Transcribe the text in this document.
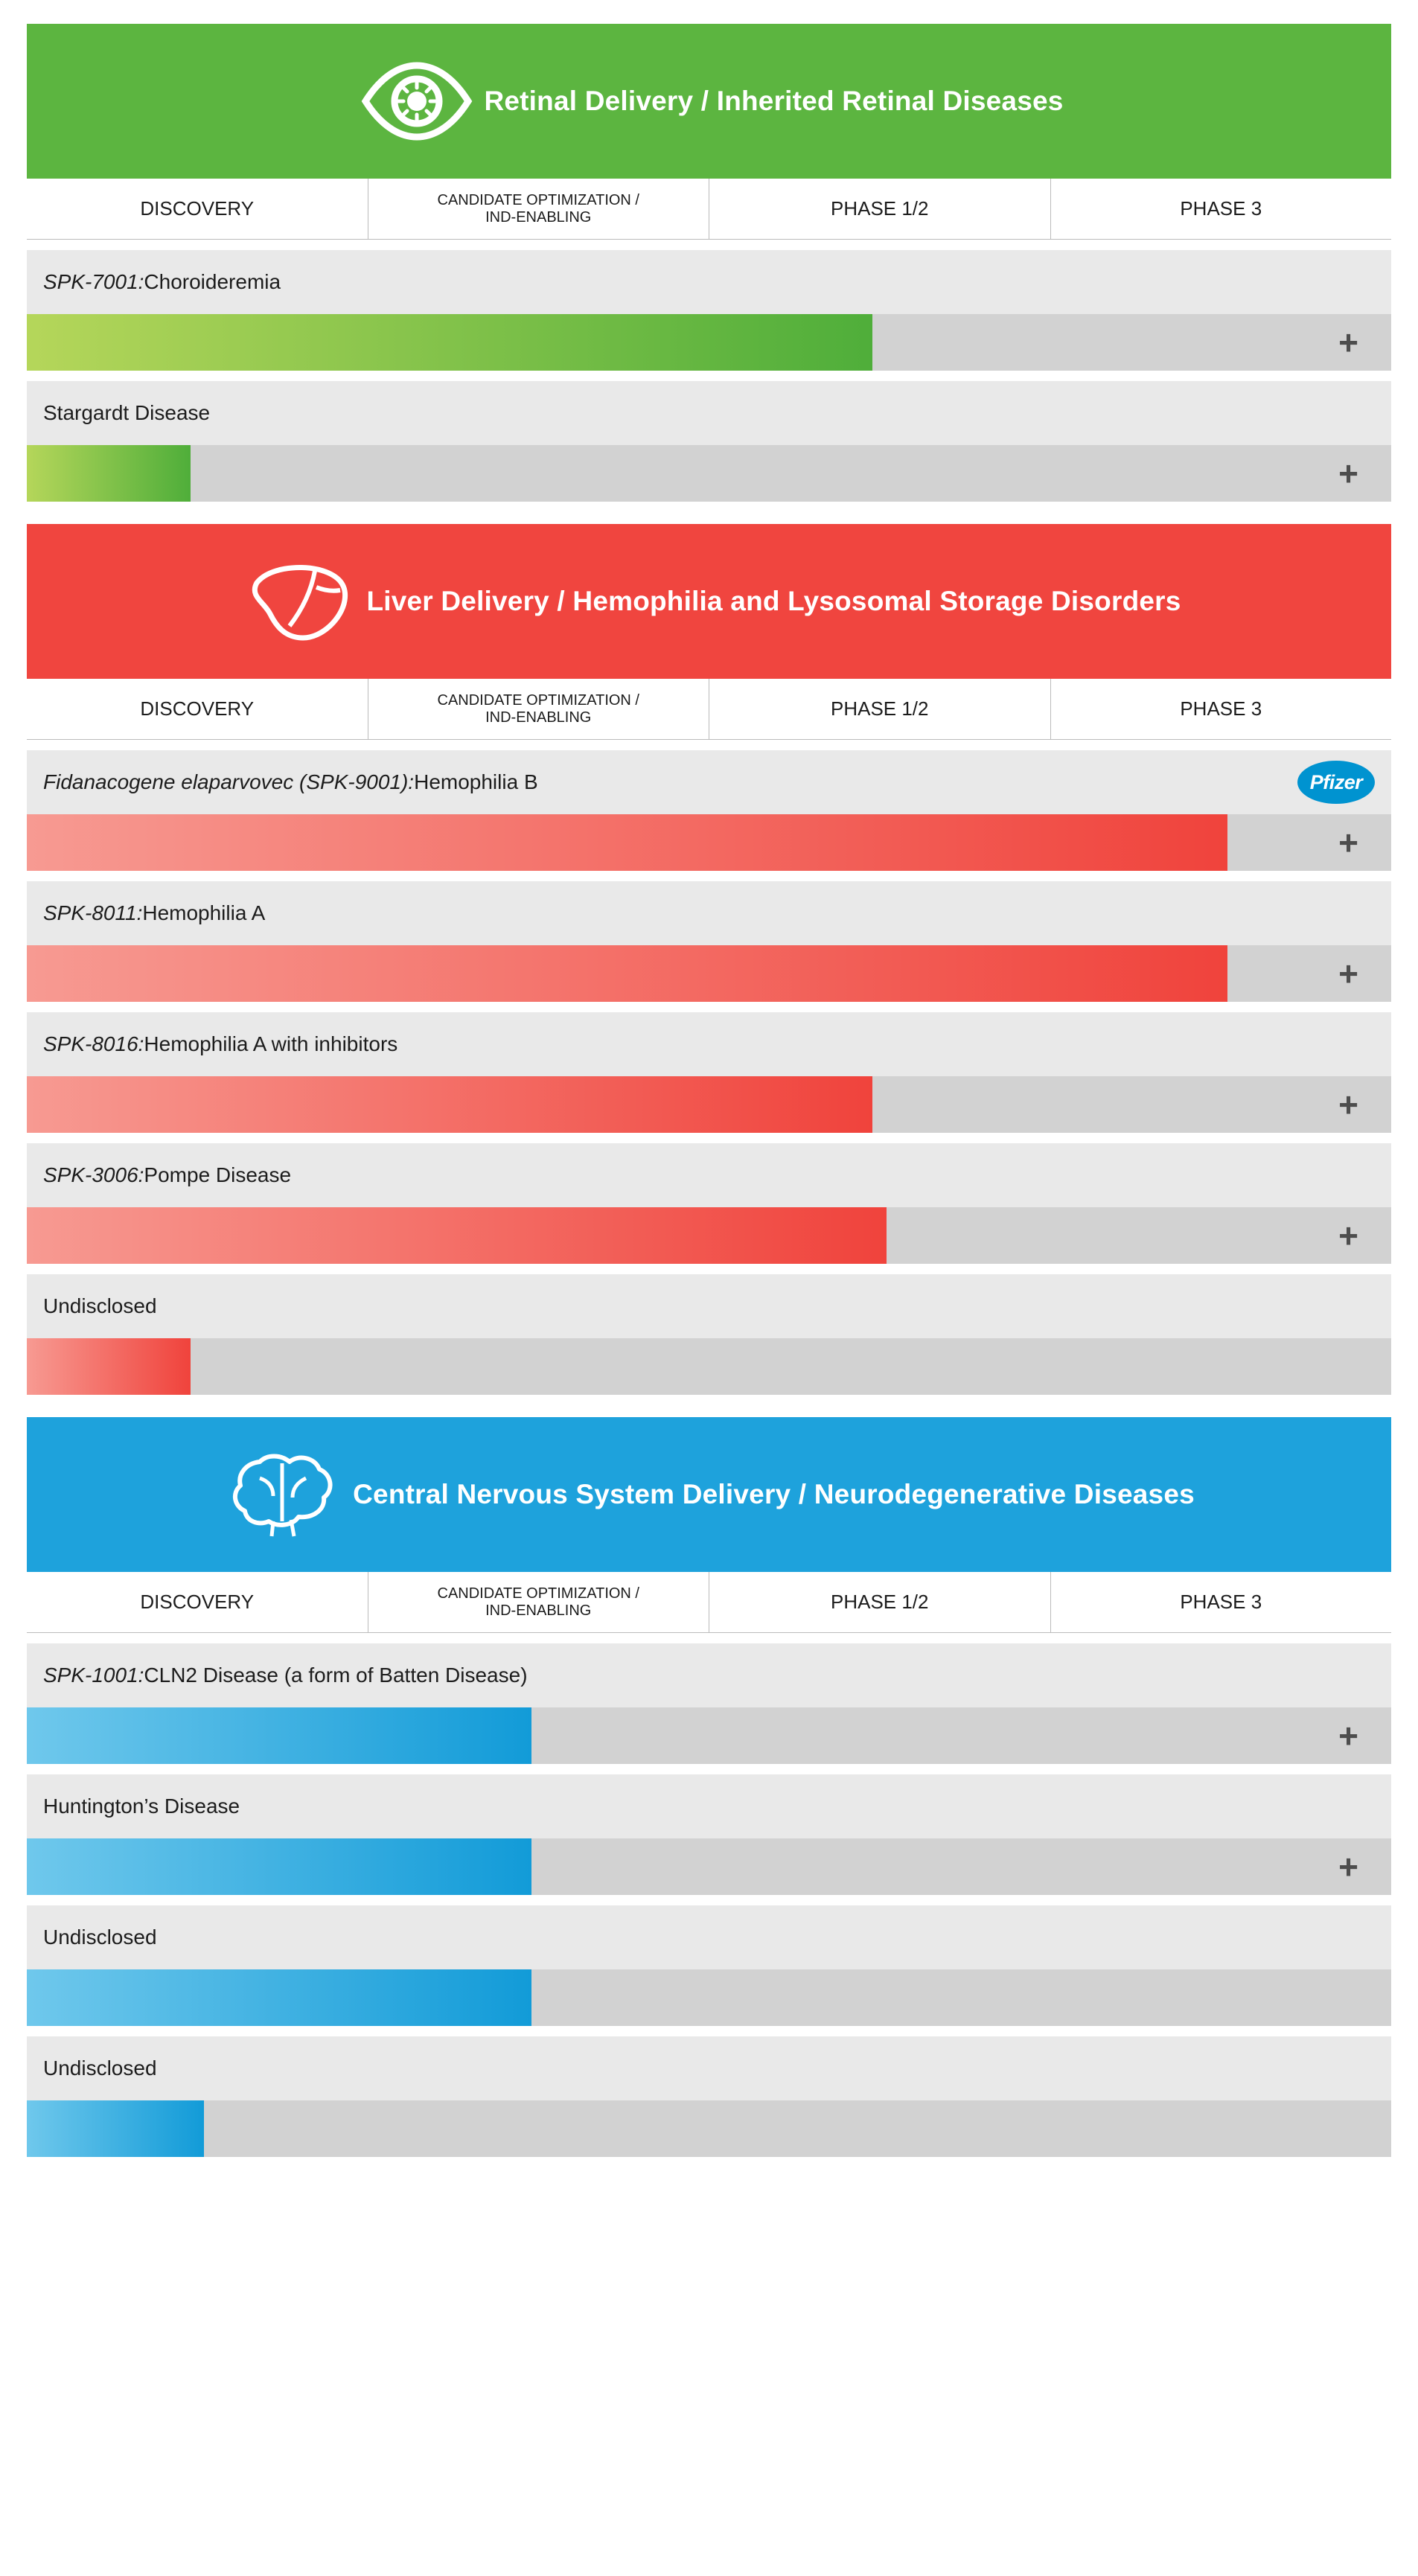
Retinal Delivery / Inherited Retinal Diseases
DISCOVERY	CANDIDATE OPTIMIZATION /
IND-ENABLING	PHASE 1/2	PHASE 3
SPK-7001: Choroideremia
+
Stargardt Disease
+
Liver Delivery / Hemophilia and Lysosomal Storage Disorders
DISCOVERY	CANDIDATE OPTIMIZATION /
IND-ENABLING	PHASE 1/2	PHASE 3
Fidanacogene elaparvovec (SPK-9001): Hemophilia B	Pfizer
+
SPK-8011: Hemophilia A
+
SPK-8016: Hemophilia A with inhibitors
+
SPK-3006: Pompe Disease
+
Undisclosed
Central Nervous System Delivery / Neurodegenerative Diseases
DISCOVERY	CANDIDATE OPTIMIZATION /
IND-ENABLING	PHASE 1/2	PHASE 3
SPK-1001: CLN2 Disease (a form of Batten Disease)
+
Huntington’s Disease
+
Undisclosed
Undisclosed
